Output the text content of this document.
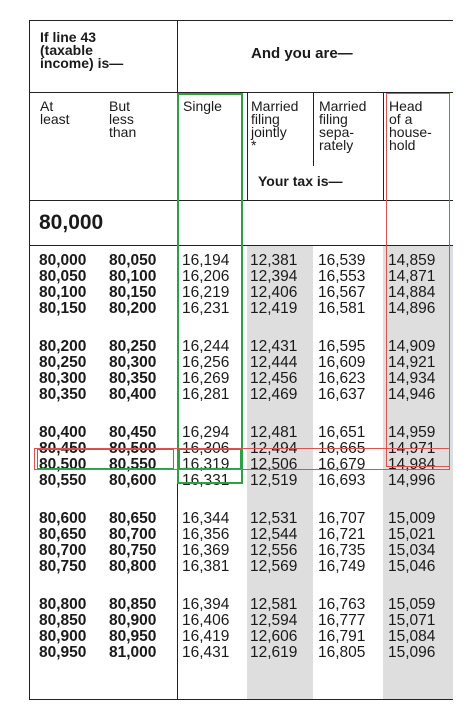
If line 43
(taxable
income) is—
And you are—
At
least
But
less
than
Single Married
filing
jointly
*
Married
filing
sepa-
rately
Head
of a
house-
hold
Your tax is—
80,000
80,000 80,050 16,194 12,381 16,539 14,859
80,050 80,100 16,206 12,394 16,553 14,871
80,100 80,150 16,219 12,406 16,567 14,884
80,150 80,200 16,231 12,419 16,581 14,896
80,200 80,250 16,244 12,431 16,595 14,909
80,250 80,300 16,256 12,444 16,609 14,921
80,300 80,350 16,269 12,456 16,623 14,934
80,350 80,400 16,281 12,469 16,637 14,946
80,400 80,450 16,294 12,481 16,651 14,959
80,450 80,500 16,306 12,494 16,665 14,971
80,500 80,550 16,319 12,506 16,679 14,984
80,550 80,600 16,331 12,519 16,693 14,996
80,600 80,650 16,344 12,531 16,707 15,009
80,650 80,700 16,356 12,544 16,721 15,021
80,700 80,750 16,369 12,556 16,735 15,034
80,750 80,800 16,381 12,569 16,749 15,046
80,800 80,850 16,394 12,581 16,763 15,059
80,850 80,900 16,406 12,594 16,777 15,071
80,900 80,950 16,419 12,606 16,791 15,084
80,950 81,000 16,431 12,619 16,805 15,096
